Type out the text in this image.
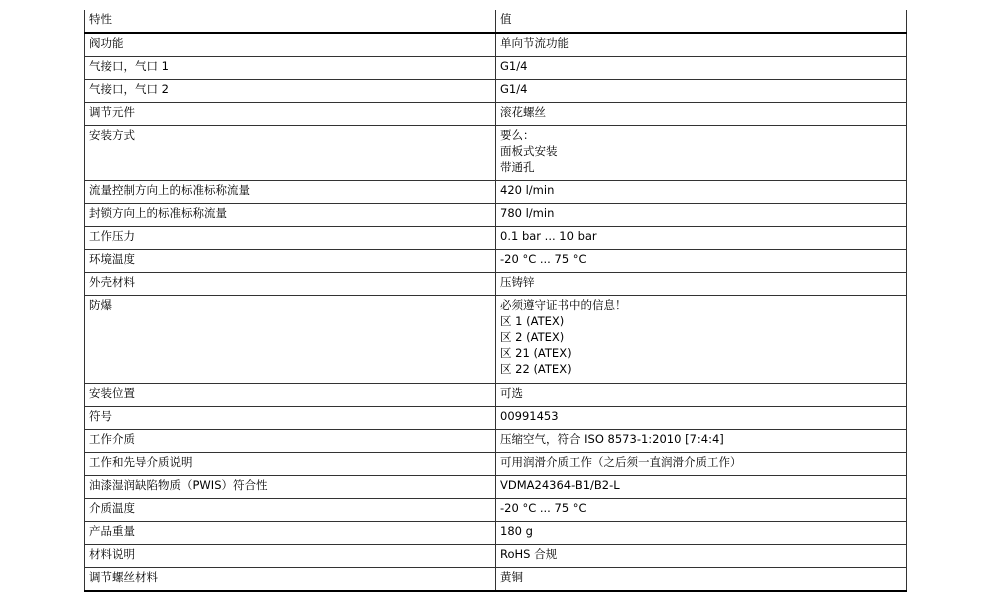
特性	值
阀功能	单向节流功能

气接口，气口 1	G1/4

气接口，气口 2	G1/4

调节元件	滚花螺丝

安装方式	要么：
面板式安装
带通孔

流量控制方向上的标准标称流量	420 l/min

封锁方向上的标准标称流量	780 l/min

工作压力	0.1 bar ... 10 bar

环境温度	-20 °C ... 75 °C

外壳材料	压铸锌

防爆	必须遵守证书中的信息！
区 1 (ATEX)
区 2 (ATEX)
区 21 (ATEX)
区 22 (ATEX)

安装位置	可选

符号	00991453

工作介质	压缩空气，符合 ISO 8573-1:2010 [7:4:4]

工作和先导介质说明	可用润滑介质工作（之后须一直润滑介质工作）

油漆湿润缺陷物质（PWIS）符合性	VDMA24364-B1/B2-L

介质温度	-20 °C ... 75 °C

产品重量	180 g

材料说明	RoHS 合规

调节螺丝材料	黄铜
